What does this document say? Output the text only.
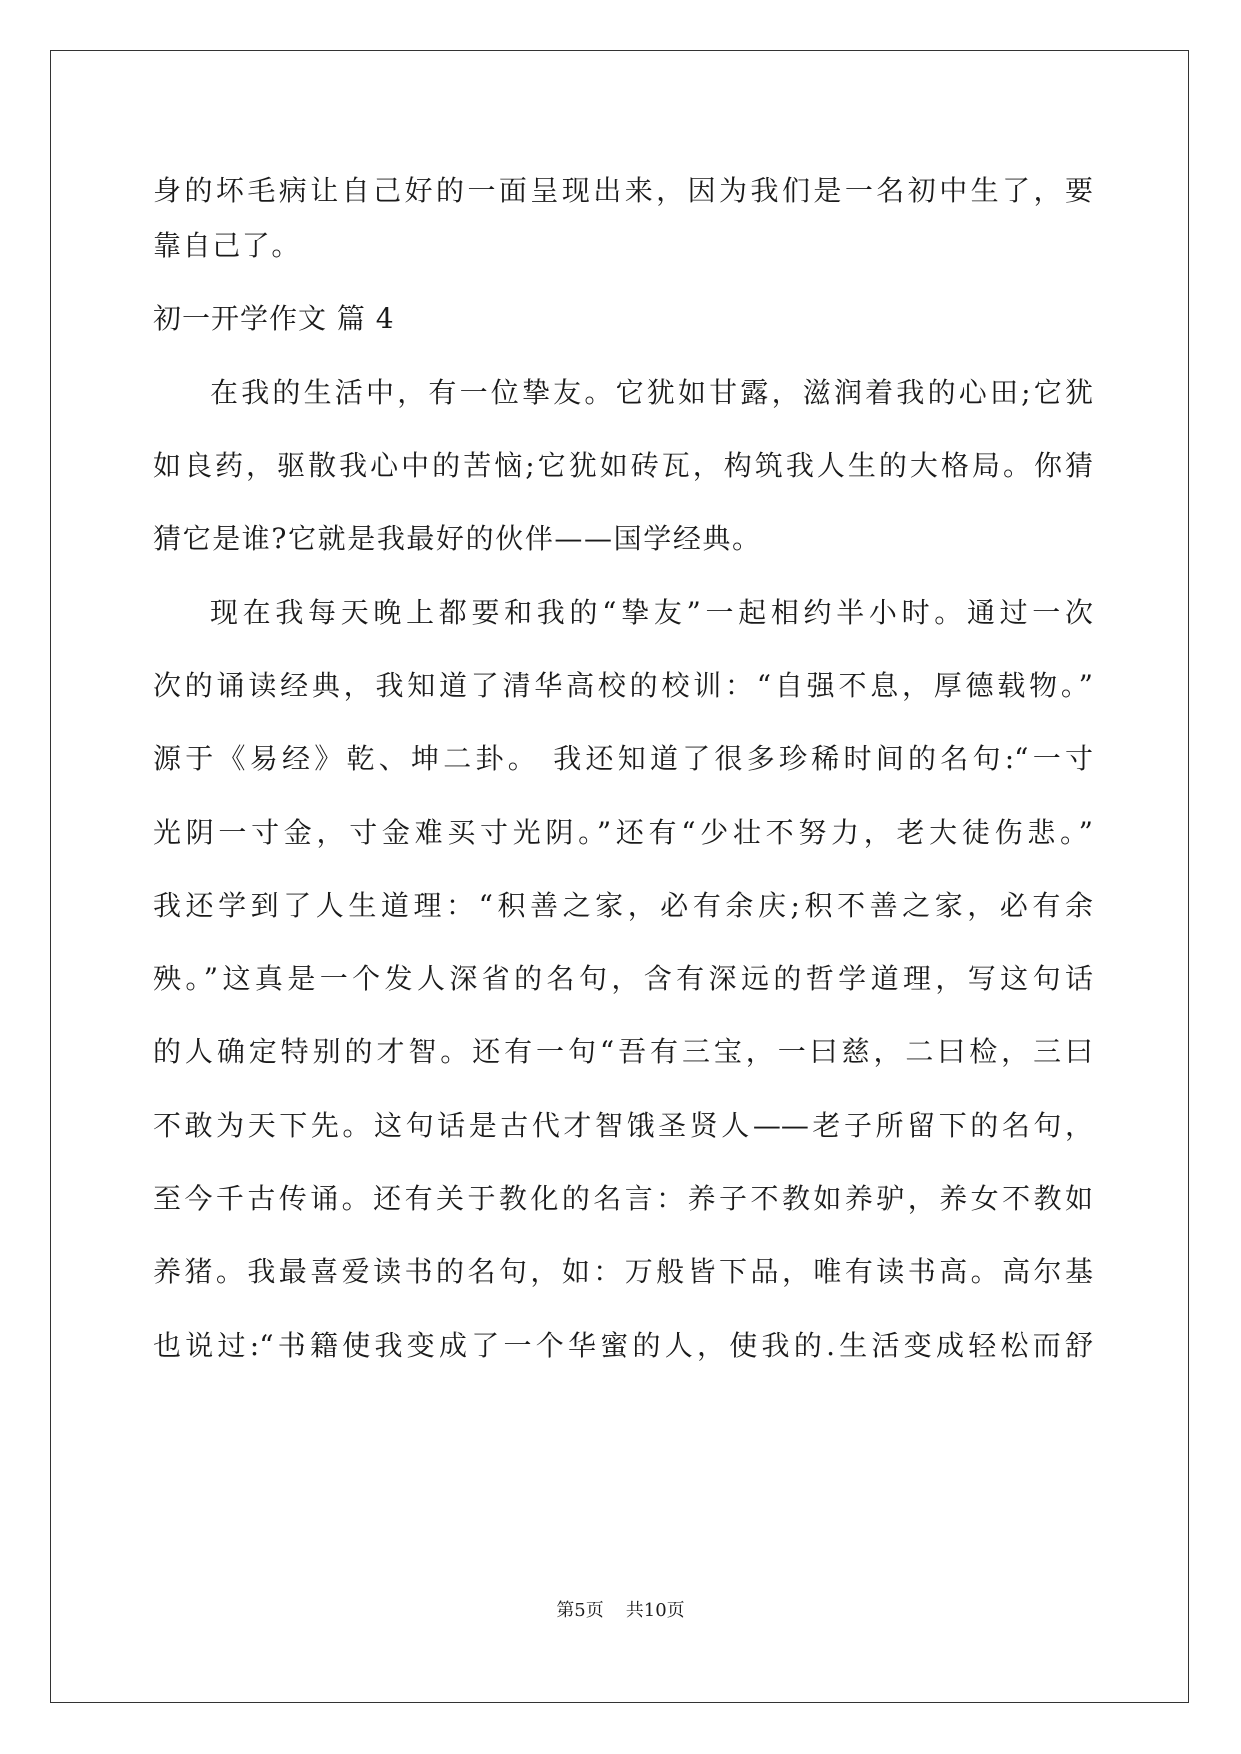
身的坏毛病让自己好的一面呈现出来，因为我们是一名初中生了，要
靠自己了。
初一开学作文 篇 4
在我的生活中，有一位挚友。它犹如甘露，滋润着我的心田;它犹
如良药，驱散我心中的苦恼;它犹如砖瓦，构筑我人生的大格局。你猜
猜它是谁?它就是我最好的伙伴——国学经典。
现在我每天晚上都要和我的“挚友”一起相约半小时。通过一次
次的诵读经典，我知道了清华高校的校训：“自强不息，厚德载物。”
源于《易经》乾、坤二卦。 我还知道了很多珍稀时间的名句:“一寸
光阴一寸金，寸金难买寸光阴。”还有“少壮不努力，老大徒伤悲。”
我还学到了人生道理：“积善之家，必有余庆;积不善之家，必有余
殃。”这真是一个发人深省的名句，含有深远的哲学道理，写这句话
的人确定特别的才智。还有一句“吾有三宝，一曰慈，二曰检，三曰
不敢为天下先。这句话是古代才智饿圣贤人——老子所留下的名句，
至今千古传诵。还有关于教化的名言：养子不教如养驴，养女不教如
养猪。我最喜爱读书的名句，如：万般皆下品，唯有读书高。高尔基
也说过:“书籍使我变成了一个华蜜的人，使我的.生活变成轻松而舒
第5页 共10页
